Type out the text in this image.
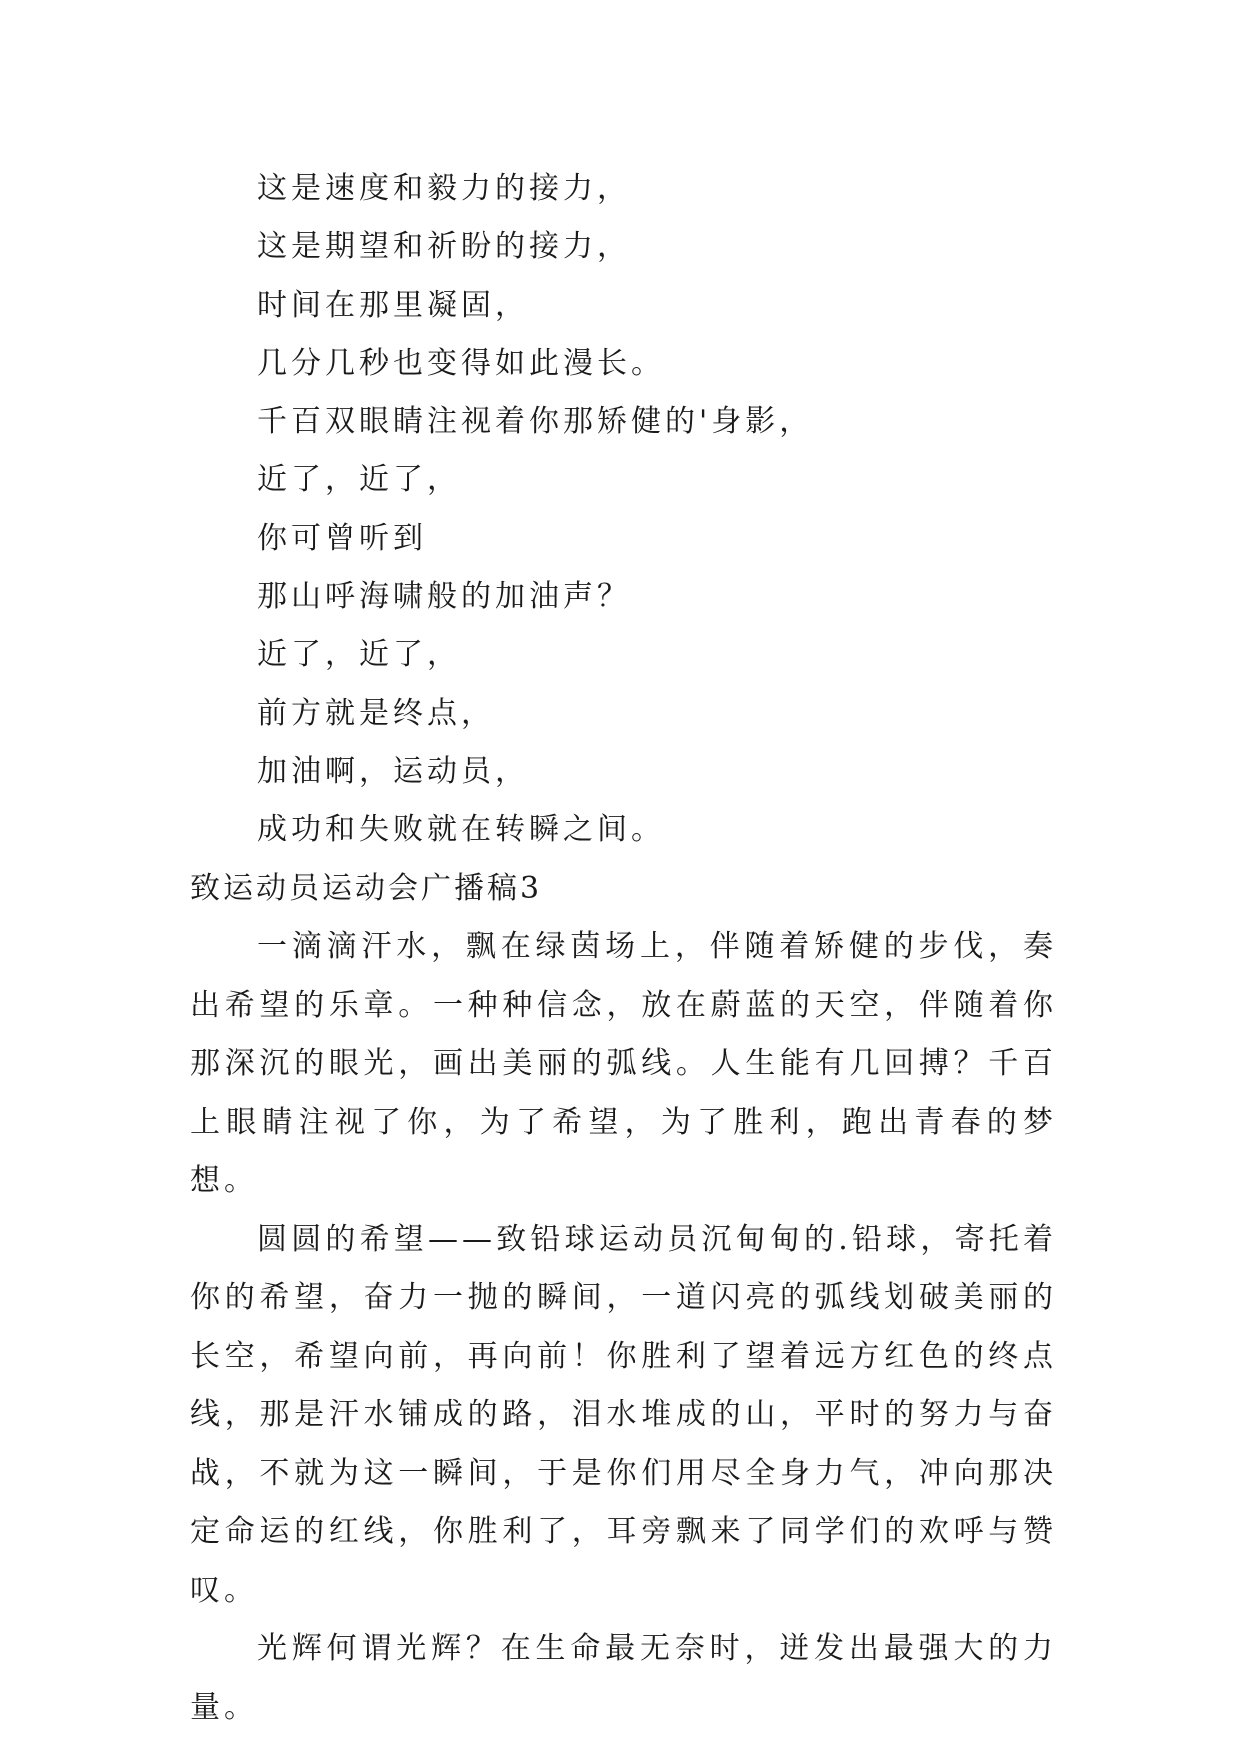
这是速度和毅力的接力，
这是期望和祈盼的接力，
时间在那里凝固，
几分几秒也变得如此漫长。
千百双眼睛注视着你那矫健的'身影，
近了，近了，
你可曾听到
那山呼海啸般的加油声？
近了，近了，
前方就是终点，
加油啊，运动员，
成功和失败就在转瞬之间。
致运动员运动会广播稿3

一滴滴汗水，飘在绿茵场上，伴随着矫健的步伐，奏出希望的乐章。一种种信念，放在蔚蓝的天空，伴随着你那深沉的眼光，画出美丽的弧线。人生能有几回搏？千百上眼睛注视了你，为了希望，为了胜利，跑出青春的梦想。

圆圆的希望——致铅球运动员沉甸甸的.铅球，寄托着你的希望，奋力一抛的瞬间，一道闪亮的弧线划破美丽的长空，希望向前，再向前！你胜利了望着远方红色的终点线，那是汗水铺成的路，泪水堆成的山，平时的努力与奋战，不就为这一瞬间，于是你们用尽全身力气，冲向那决定命运的红线，你胜利了，耳旁飘来了同学们的欢呼与赞叹。

光辉何谓光辉？在生命最无奈时，迸发出最强大的力量。
